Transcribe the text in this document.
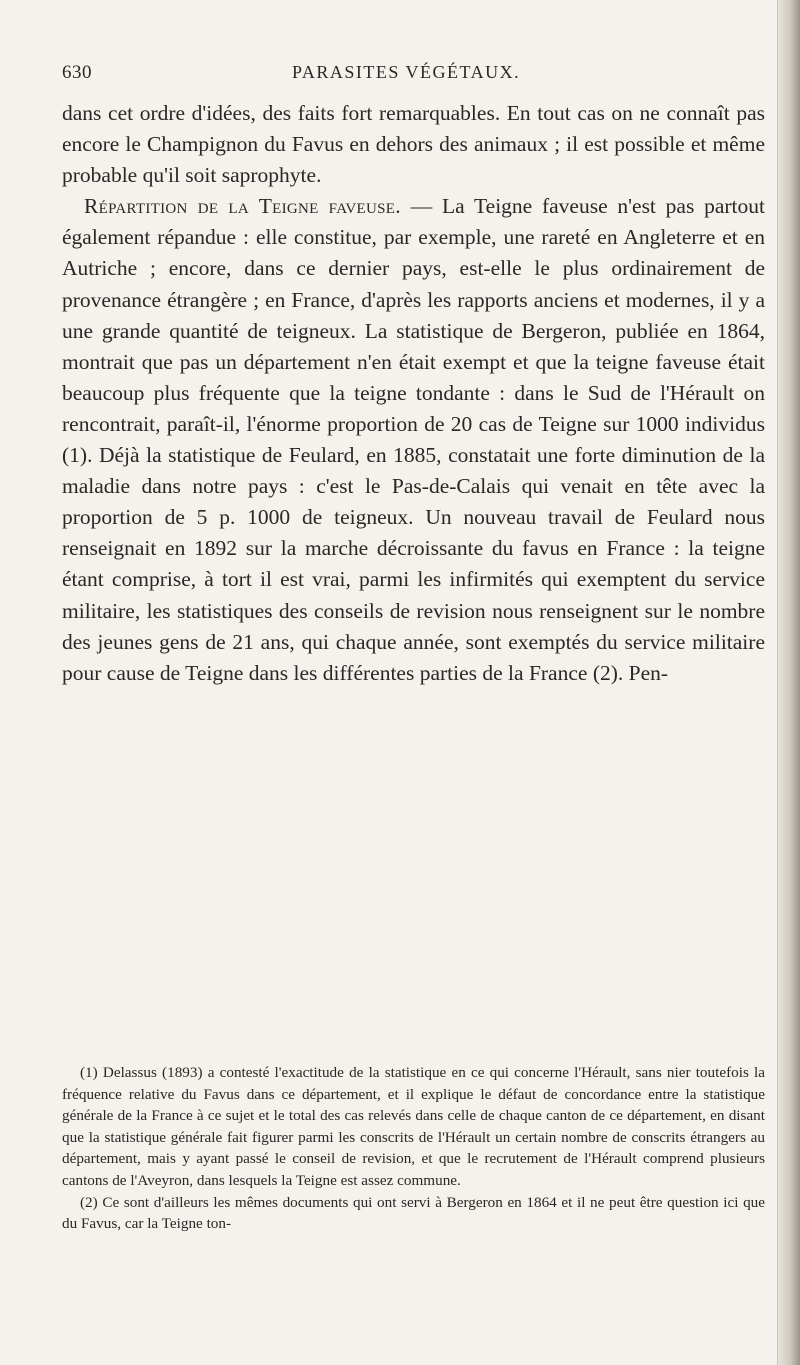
630	PARASITES VÉGÉTAUX.

dans cet ordre d'idées, des faits fort remarquables. En tout cas on ne connaît pas encore le Champignon du Favus en dehors des animaux ; il est possible et même probable qu'il soit saprophyte.

Répartition de la Teigne faveuse. — La Teigne faveuse n'est pas partout également répandue : elle constitue, par exemple, une rareté en Angleterre et en Autriche ; encore, dans ce dernier pays, est-elle le plus ordinairement de provenance étrangère ; en France, d'après les rapports anciens et modernes, il y a une grande quantité de teigneux. La statistique de Bergeron, publiée en 1864, montrait que pas un département n'en était exempt et que la teigne faveuse était beaucoup plus fréquente que la teigne tondante : dans le Sud de l'Hérault on rencontrait, paraît-il, l'énorme proportion de 20 cas de Teigne sur 1000 individus (1). Déjà la statistique de Feulard, en 1885, constatait une forte diminution de la maladie dans notre pays : c'est le Pas-de-Calais qui venait en tête avec la proportion de 5 p. 1000 de teigneux. Un nouveau travail de Feulard nous renseignait en 1892 sur la marche décroissante du favus en France : la teigne étant comprise, à tort il est vrai, parmi les infirmités qui exemptent du service militaire, les statistiques des conseils de revision nous renseignent sur le nombre des jeunes gens de 21 ans, qui chaque année, sont exemptés du service militaire pour cause de Teigne dans les différentes parties de la France (2). Pen-

(1) Delassus (1893) a contesté l'exactitude de la statistique en ce qui concerne l'Hérault, sans nier toutefois la fréquence relative du Favus dans ce département, et il explique le défaut de concordance entre la statistique générale de la France à ce sujet et le total des cas relevés dans celle de chaque canton de ce département, en disant que la statistique générale fait figurer parmi les conscrits de l'Hérault un certain nombre de conscrits étrangers au département, mais y ayant passé le conseil de revision, et que le recrutement de l'Hérault comprend plusieurs cantons de l'Aveyron, dans lesquels la Teigne est assez commune.

(2) Ce sont d'ailleurs les mêmes documents qui ont servi à Bergeron en 1864 et il ne peut être question ici que du Favus, car la Teigne ton-
